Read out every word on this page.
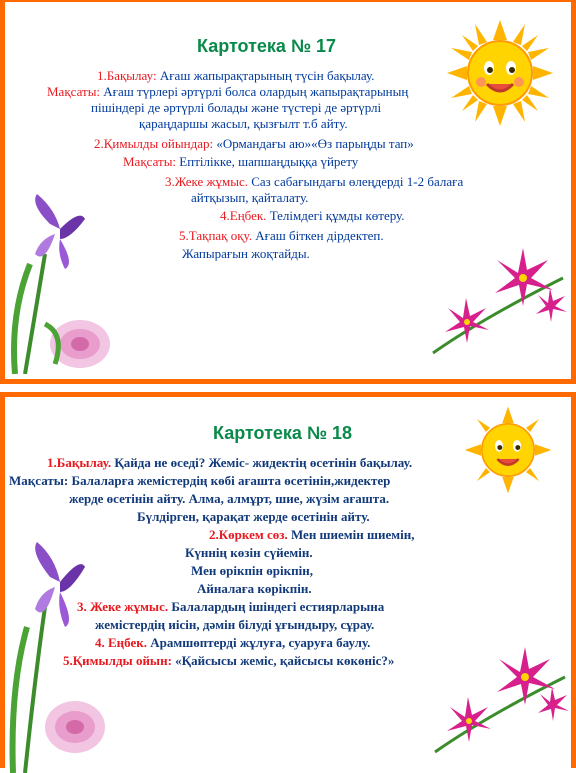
Картотека № 17
1.Бақылау: Ағаш жапырақтарының түсін бақылау.
Мақсаты: Ағаш түрлері әртүрлі болса олардың жапырақтарының
пішіндері де әртүрлі болады және түстері де әртүрлі
қараңдаршы жасыл, қызғылт т.б айту.
2.Қимылды ойындар: «Ормандағы аю»«Өз парыңды тап»
Мақсаты: Ептілікке, шапшаңдыққа үйрету
3.Жеке жұмыс. Саз сабағындағы өлеңдерді 1-2 балаға
айтқызып, қайталату.
4.Еңбек. Телімдегі құмды көтеру.
5.Тақпақ оқу. Ағаш біткен дірдектеп.
Жапырағын жоқтайды.
Картотека № 18
1.Бақылау. Қайда не өседі? Жеміс- жидектің өсетінін бақылау.
Мақсаты: Балаларға жемістердің көбі ағашта өсетінін,жидектер
жерде өсетінін айту. Алма, алмұрт, шие, жүзім ағашта.
Бүлдірген, қарақат жерде өсетінін айту.
2.Көркем сөз. Мен шиемін шиемін,
Күннің көзін сүйемін.
Мен өрікпін өрікпін,
Айналаға көрікпін.
3. Жеке жұмыс. Балалардың ішіндегі естиярларына
жемістердің иісін, дәмін білуді ұғындыру, сұрау.
4. Еңбек. Арамшөптерді жұлуға, суаруға баулу.
5.Қимылды ойын: «Қайсысы жеміс, қайсысы көкөніс?»
